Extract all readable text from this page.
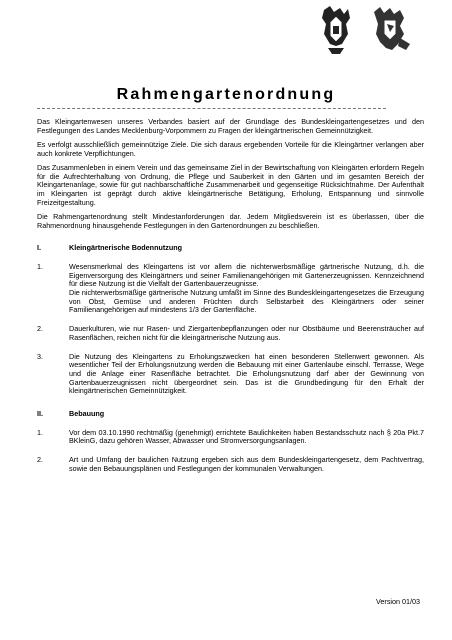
Rahmengartenordnung

Das Kleingartenwesen unseres Verbandes basiert auf der Grundlage des Bundeskleingartengesetzes und den Festlegungen des Landes Mecklenburg-Vorpommern zu Fragen der kleingärtnerischen Gemeinnützigkeit.

Es verfolgt ausschließlich gemeinnützige Ziele. Die sich daraus ergebenden Vorteile für die Kleingärtner verlangen aber auch konkrete Verpflichtungen.

Das Zusammenleben in einem Verein und das gemeinsame Ziel in der Bewirtschaftung von Kleingärten erfordern Regeln für die Aufrechterhaltung von Ordnung, die Pflege und Sauberkeit in den Gärten und im gesamten Bereich der Kleingartenanlage, sowie für gut nachbarschaftliche Zusammenarbeit und gegenseitige Rücksichtnahme. Der Aufenthalt im Kleingarten ist geprägt durch aktive kleingärtnerische Betätigung, Erholung, Entspannung und sinnvolle Freizeitgestaltung.

Die Rahmengartenordnung stellt Mindestanforderungen dar. Jedem Mitgliedsverein ist es überlassen, über die Rahmenordnung hinausgehende Festlegungen in den Gartenordnungen zu beschließen.

I.	Kleingärtnerische Bodennutzung
1.	Wesensmerkmal des Kleingartens ist vor allem die nichterwerbsmäßige gärtnerische Nutzung, d.h. die Eigenversorgung des Kleingärtners und seiner Familienangehörigen mit Gartenerzeugnissen. Kennzeichnend für diese Nutzung ist die Vielfalt der Gartenbauerzeugnisse.
Die nichterwerbsmäßige gärtnerische Nutzung umfaßt im Sinne des Bundeskleingartengesetzes die Erzeugung von Obst, Gemüse und anderen Früchten durch Selbstarbeit des Kleingärtners oder seiner Familienangehörigen auf mindestens 1/3 der Gartenfläche.
2.	Dauerkulturen, wie nur Rasen- und Ziergartenbepflanzungen oder nur Obstbäume und Beerensträucher auf Rasenflächen, reichen nicht für die kleingärtnerische Nutzung aus.
3.	Die Nutzung des Kleingartens zu Erholungszwecken hat einen besonderen Stellenwert gewonnen. Als wesentlicher Teil der Erholungsnutzung werden die Bebauung mit einer Gartenlaube einschl. Terrasse, Wege und die Anlage einer Rasenfläche betrachtet. Die Erholungsnutzung darf aber der Gewinnung von Gartenbauerzeugnissen nicht übergeordnet sein. Das ist die Grundbedingung für den Erhalt der kleingärtnerischen Gemeinnützigkeit.
II.	Bebauung
1.	Vor dem 03.10.1990 rechtmäßig (genehmigt) errichtete Baulichkeiten haben Bestandsschutz nach § 20a Pkt.7 BKleinG, dazu gehören Wasser, Abwasser und Stromversorgungsanlagen.
2.	Art und Umfang der baulichen Nutzung ergeben sich aus dem Bundeskleingartengesetz, dem Pachtvertrag, sowie den Bebauungsplänen und Festlegungen der kommunalen Verwaltungen.
Version 01/03
